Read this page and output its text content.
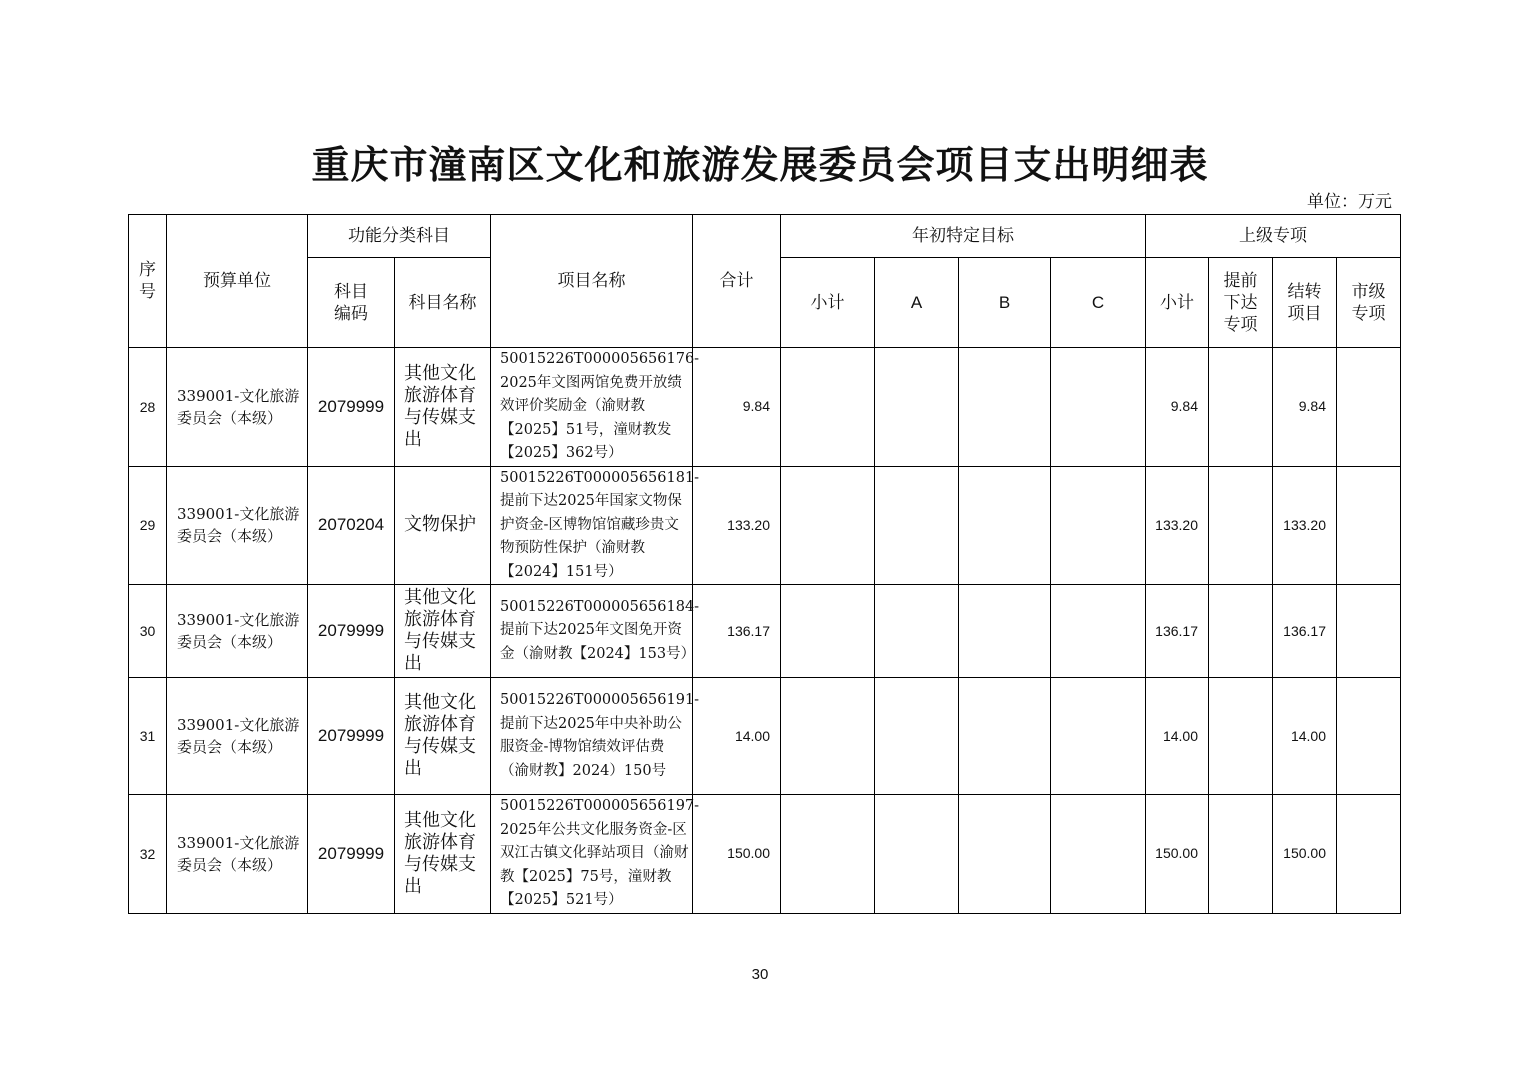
重庆市潼南区文化和旅游发展委员会项目支出明细表
单位：万元
序号	预算单位	功能分类科目		项目名称	合计	年初特定目标				上级专项			

		科目编码	科目名称			小计	A	B	C	小计	提前下达专项	结转项目	市级专项

28	339001-文化旅游委员会（本级）	2079999	其他文化旅游体育与传媒支出	50015226T000005656176-2025年文图两馆免费开放绩效评价奖励金（渝财教【2025】51号，潼财教发【2025】362号）	9.84					9.84		9.84	
29	339001-文化旅游委员会（本级）	2070204	文物保护	50015226T000005656181-提前下达2025年国家文物保护资金-区博物馆馆藏珍贵文物预防性保护（渝财教【2024】151号）	133.20					133.20		133.20	
30	339001-文化旅游委员会（本级）	2079999	其他文化旅游体育与传媒支出	50015226T000005656184-提前下达2025年文图免开资金（渝财教【2024】153号）	136.17					136.17		136.17	
31	339001-文化旅游委员会（本级）	2079999	其他文化旅游体育与传媒支出	50015226T000005656191-提前下达2025年中央补助公服资金-博物馆绩效评估费（渝财教】2024）150号	14.00					14.00		14.00	
32	339001-文化旅游委员会（本级）	2079999	其他文化旅游体育与传媒支出	50015226T000005656197-2025年公共文化服务资金-区双江古镇文化驿站项目（渝财教【2025】75号，潼财教【2025】521号）	150.00					150.00		150.00	
30
